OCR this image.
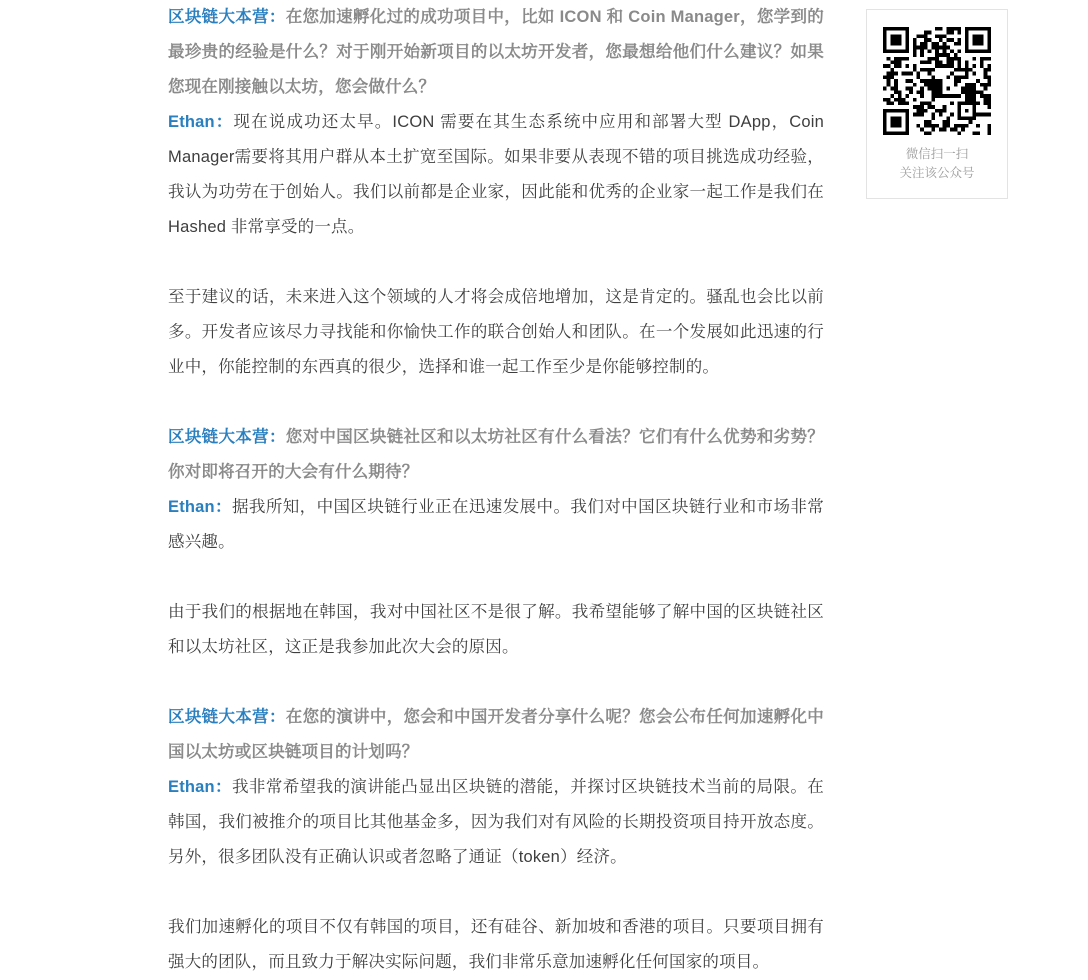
区块链大本营：在您加速孵化过的成功项目中，比如 ICON 和 Coin Manager，您学到的最珍贵的经验是什么？对于刚开始新项目的以太坊开发者，您最想给他们什么建议？如果您现在刚接触以太坊，您会做什么？

Ethan：现在说成功还太早。ICON 需要在其生态系统中应用和部署大型 DApp，Coin Manager需要将其用户群从本土扩宽至国际。如果非要从表现不错的项目挑选成功经验，我认为功劳在于创始人。我们以前都是企业家，因此能和优秀的企业家一起工作是我们在 Hashed 非常享受的一点。

至于建议的话，未来进入这个领域的人才将会成倍地增加，这是肯定的。骚乱也会比以前多。开发者应该尽力寻找能和你愉快工作的联合创始人和团队。在一个发展如此迅速的行业中，你能控制的东西真的很少，选择和谁一起工作至少是你能够控制的。

区块链大本营：您对中国区块链社区和以太坊社区有什么看法？它们有什么优势和劣势？你对即将召开的大会有什么期待？

Ethan：据我所知，中国区块链行业正在迅速发展中。我们对中国区块链行业和市场非常感兴趣。

由于我们的根据地在韩国，我对中国社区不是很了解。我希望能够了解中国的区块链社区和以太坊社区，这正是我参加此次大会的原因。

区块链大本营：在您的演讲中，您会和中国开发者分享什么呢？您会公布任何加速孵化中国以太坊或区块链项目的计划吗？

Ethan：我非常希望我的演讲能凸显出区块链的潜能，并探讨区块链技术当前的局限。在韩国，我们被推介的项目比其他基金多，因为我们对有风险的长期投资项目持开放态度。另外，很多团队没有正确认识或者忽略了通证（token）经济。

我们加速孵化的项目不仅有韩国的项目，还有硅谷、新加坡和香港的项目。只要项目拥有强大的团队，而且致力于解决实际问题，我们非常乐意加速孵化任何国家的项目。

微信扫一扫
关注该公众号
